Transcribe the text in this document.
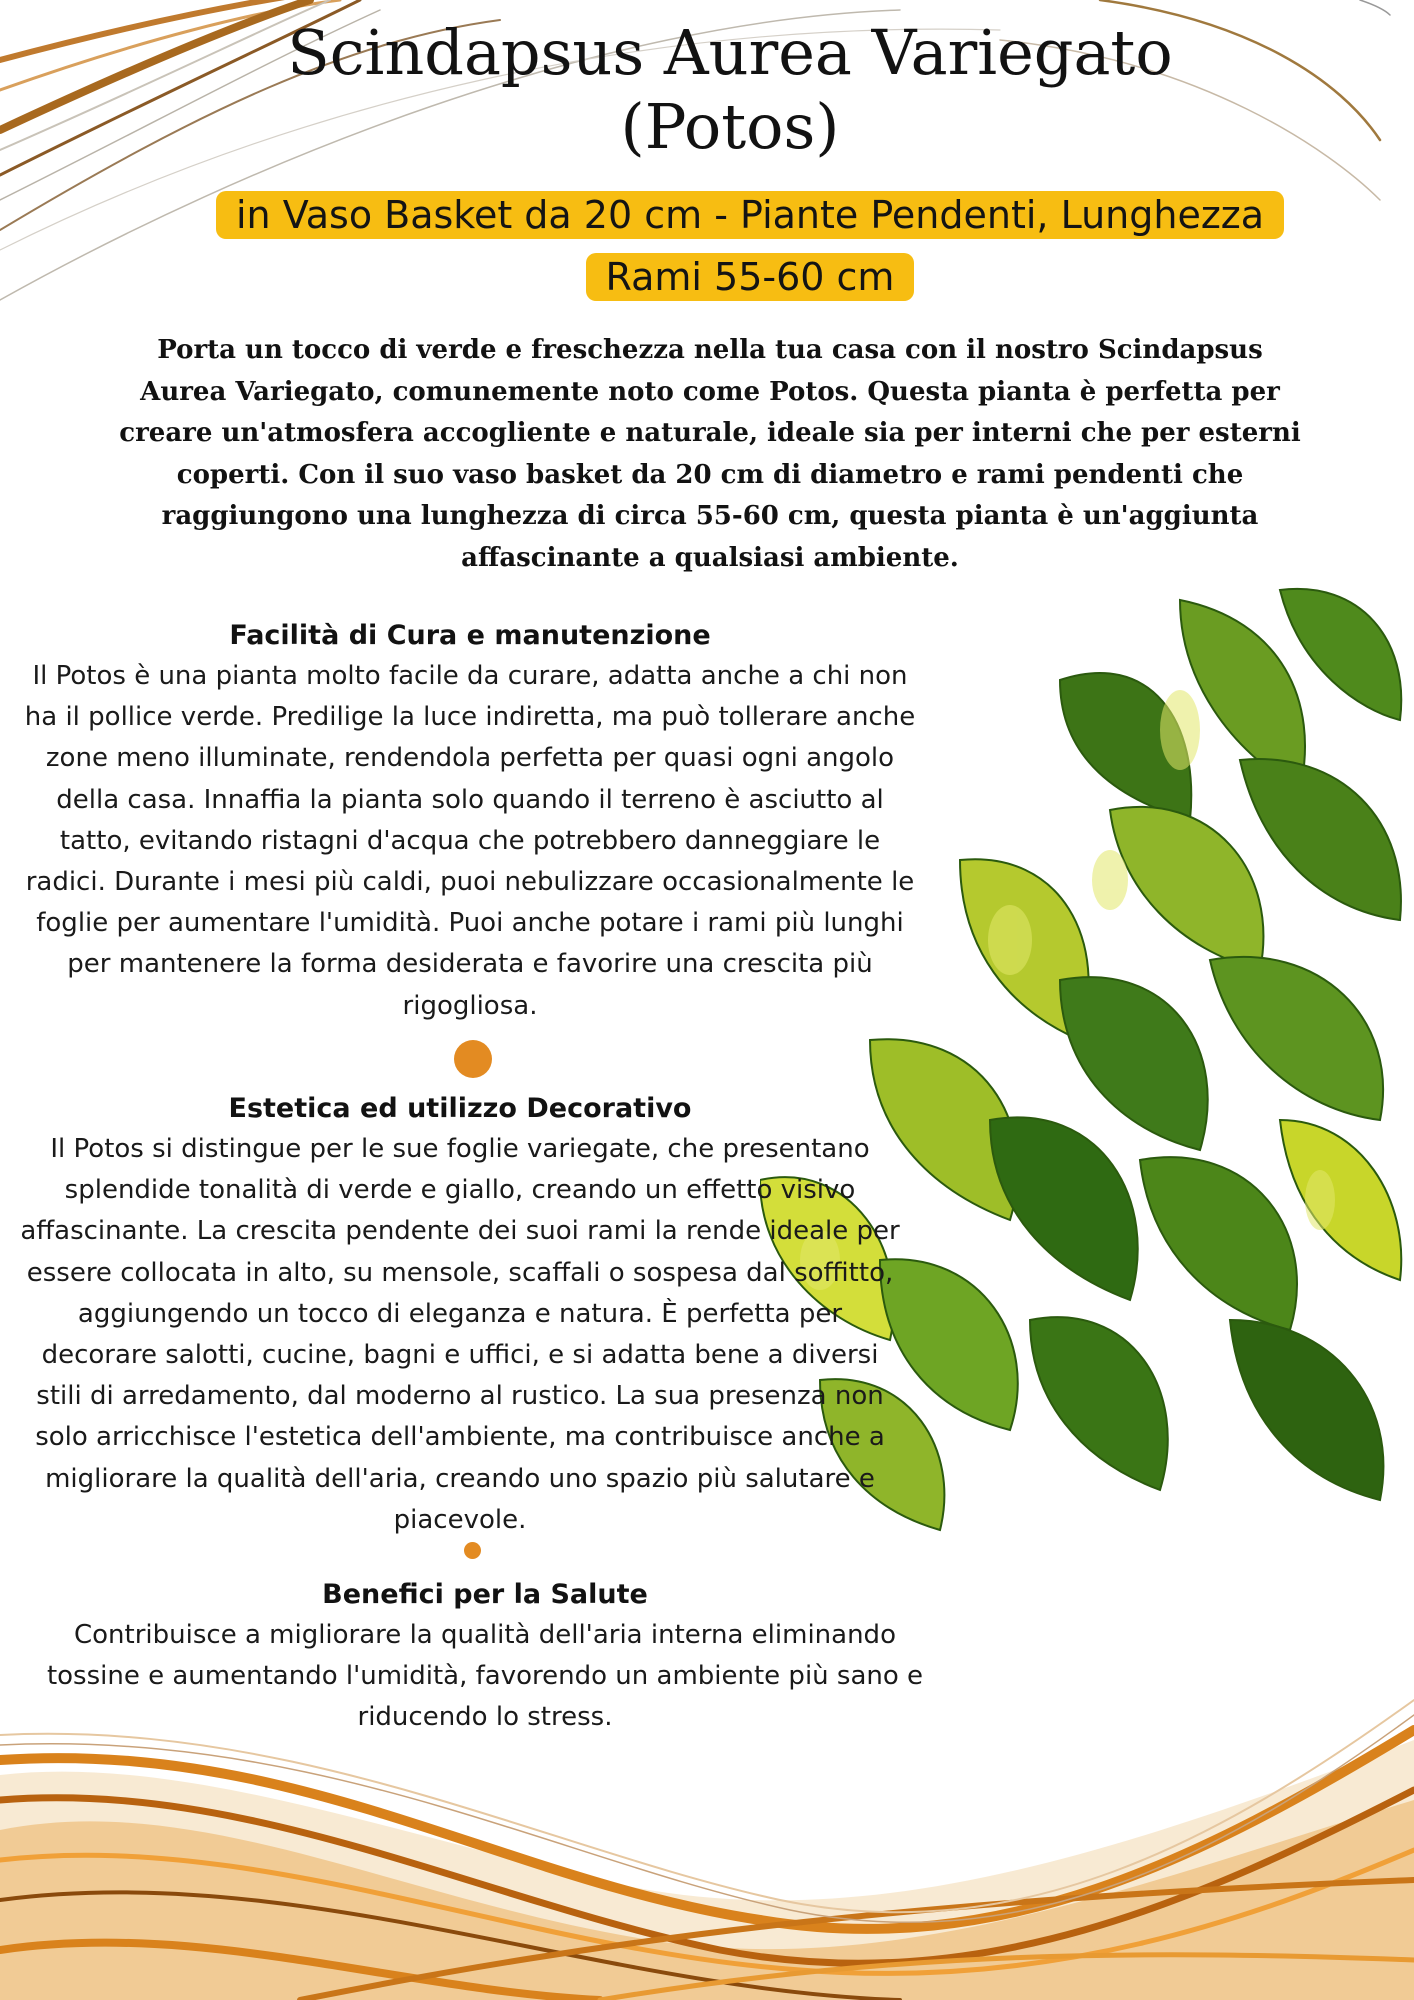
Scindapsus Aurea Variegato (Potos)
in Vaso Basket da 20 cm - Piante Pendenti, Lunghezza Rami 55-60 cm

Porta un tocco di verde e freschezza nella tua casa con il nostro Scindapsus Aurea Variegato, comunemente noto come Potos. Questa pianta è perfetta per creare un'atmosfera accogliente e naturale, ideale sia per interni che per esterni coperti. Con il suo vaso basket da 20 cm di diametro e rami pendenti che raggiungono una lunghezza di circa 55-60 cm, questa pianta è un'aggiunta affascinante a qualsiasi ambiente.

Facilità di Cura e manutenzione

Il Potos è una pianta molto facile da curare, adatta anche a chi non ha il pollice verde. Predilige la luce indiretta, ma può tollerare anche zone meno illuminate, rendendola perfetta per quasi ogni angolo della casa. Innaffia la pianta solo quando il terreno è asciutto al tatto, evitando ristagni d'acqua che potrebbero danneggiare le radici. Durante i mesi più caldi, puoi nebulizzare occasionalmente le foglie per aumentare l'umidità. Puoi anche potare i rami più lunghi per mantenere la forma desiderata e favorire una crescita più rigogliosa.

Estetica ed utilizzo Decorativo

Il Potos si distingue per le sue foglie variegate, che presentano splendide tonalità di verde e giallo, creando un effetto visivo affascinante. La crescita pendente dei suoi rami la rende ideale per essere collocata in alto, su mensole, scaffali o sospesa dal soffitto, aggiungendo un tocco di eleganza e natura. È perfetta per decorare salotti, cucine, bagni e uffici, e si adatta bene a diversi stili di arredamento, dal moderno al rustico. La sua presenza non solo arricchisce l'estetica dell'ambiente, ma contribuisce anche a migliorare la qualità dell'aria, creando uno spazio più salutare e piacevole.

Benefici per la Salute

Contribuisce a migliorare la qualità dell'aria interna eliminando tossine e aumentando l'umidità, favorendo un ambiente più sano e riducendo lo stress.
